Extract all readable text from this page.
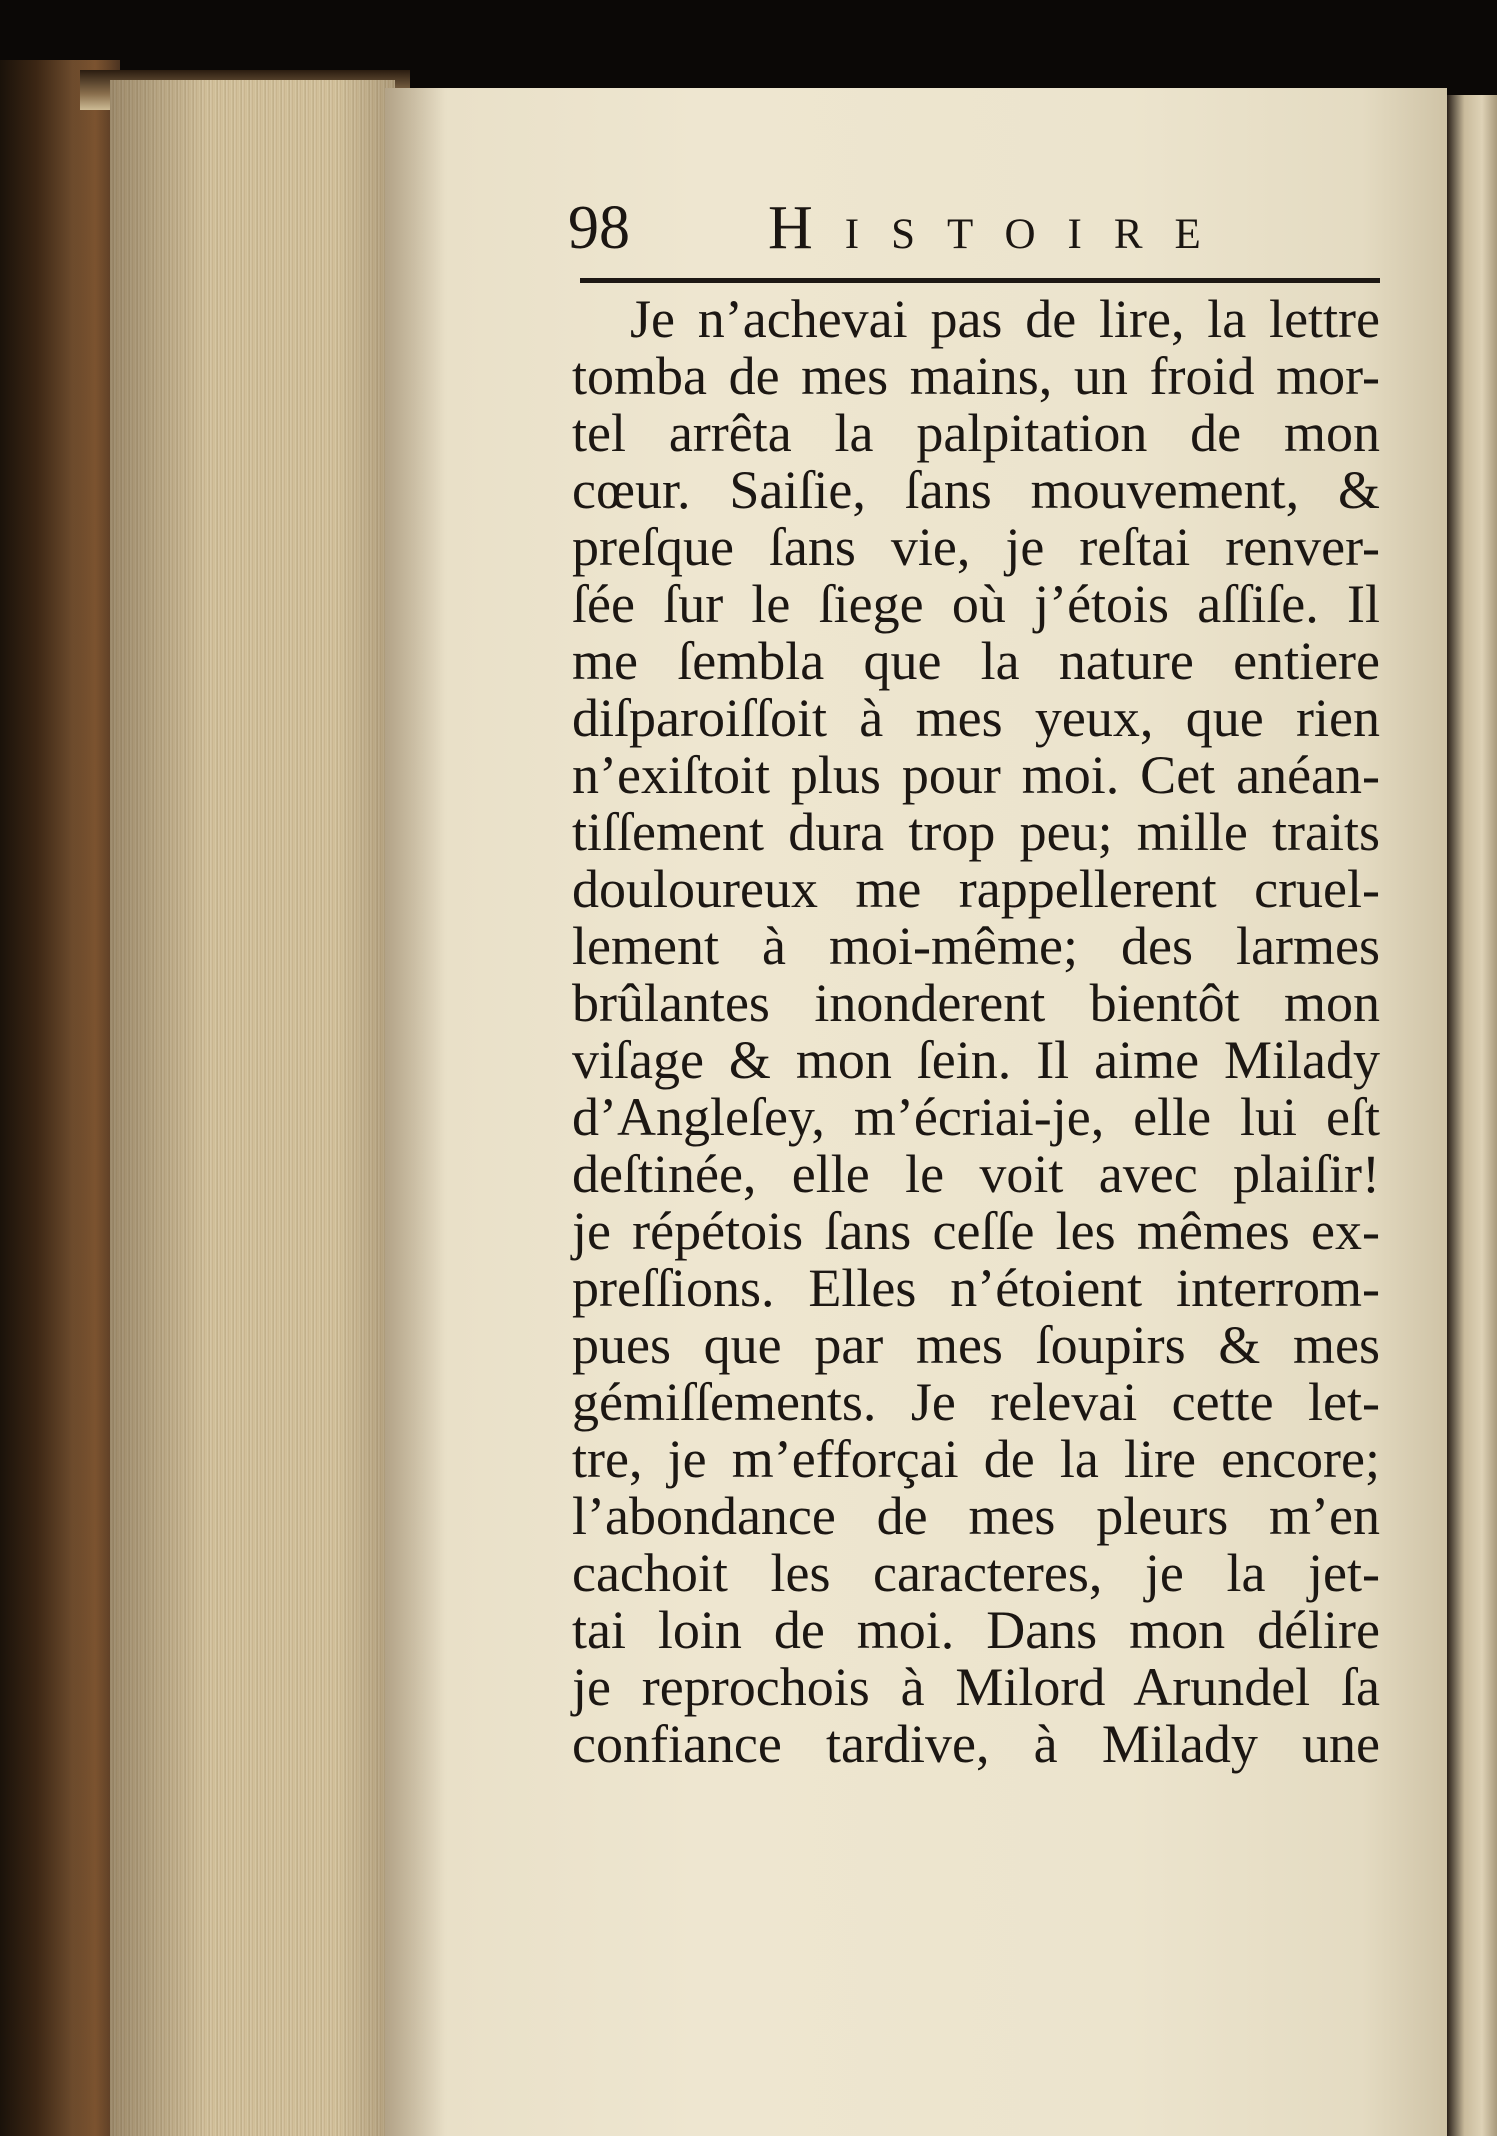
98 Histoire
Je n’achevai pas de lire, la lettre
tomba de mes mains, un froid mor-
tel arrêta la palpitation de mon
cœur. Saiſie, ſans mouvement, &
preſque ſans vie, je reſtai renver-
ſée ſur le ſiege où j’étois aſſiſe. Il
me ſembla que la nature entiere
diſparoiſſoit à mes yeux, que rien
n’exiſtoit plus pour moi. Cet anéan-
tiſſement dura trop peu; mille traits
douloureux me rappellerent cruel-
lement à moi-même; des larmes
brûlantes inonderent bientôt mon
viſage & mon ſein. Il aime Milady
d’Angleſey, m’écriai-je, elle lui eſt
deſtinée, elle le voit avec plaiſir!
je répétois ſans ceſſe les mêmes ex-
preſſions. Elles n’étoient interrom-
pues que par mes ſoupirs & mes
gémiſſements. Je relevai cette let-
tre, je m’efforçai de la lire encore;
l’abondance de mes pleurs m’en
cachoit les caracteres, je la jet-
tai loin de moi. Dans mon délire
je reprochois à Milord Arundel ſa
confiance tardive, à Milady une
